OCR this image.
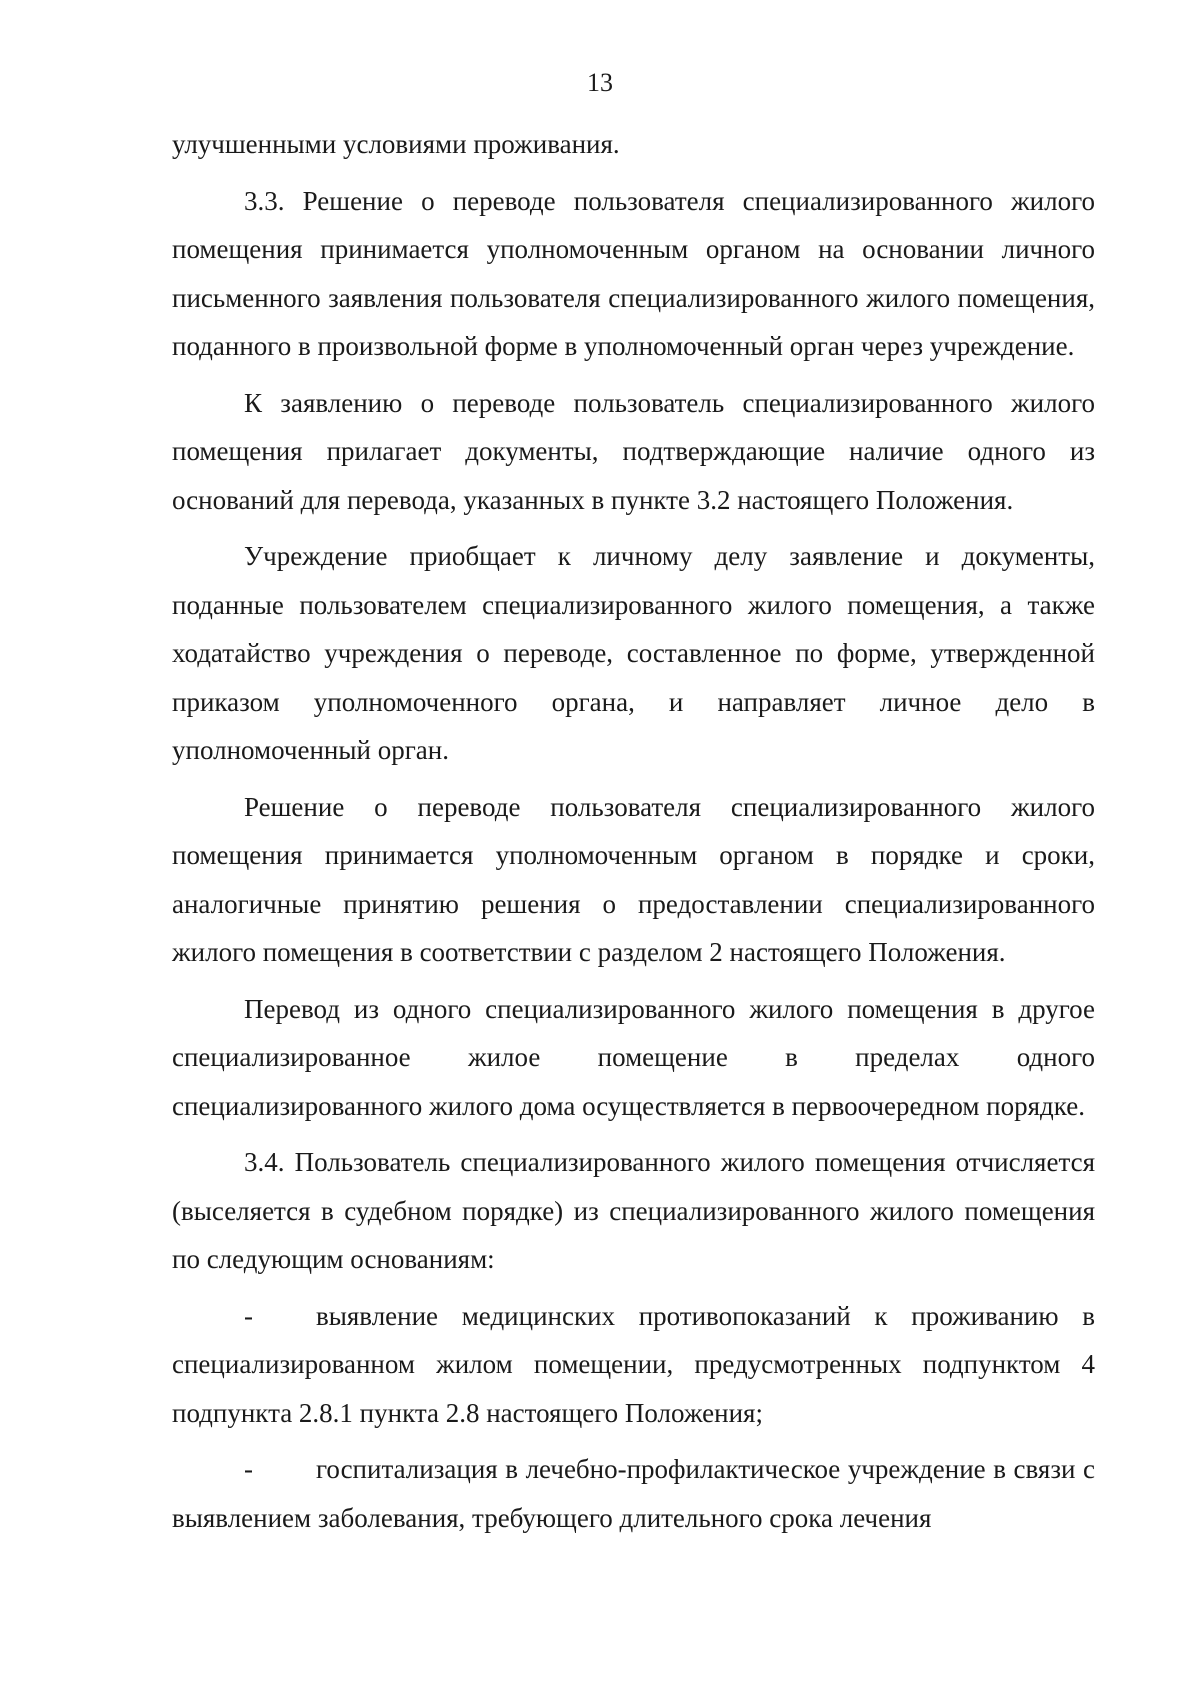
13

улучшенными условиями проживания.

3.3. Решение о переводе пользователя специализированного жилого помещения принимается уполномоченным органом на основании личного письменного заявления пользователя специализированного жилого помещения, поданного в произвольной форме в уполномоченный орган через учреждение.

К заявлению о переводе пользователь специализированного жилого помещения прилагает документы, подтверждающие наличие одного из оснований для перевода, указанных в пункте 3.2 настоящего Положения.

Учреждение приобщает к личному делу заявление и документы, поданные пользователем специализированного жилого помещения, а также ходатайство учреждения о переводе, составленное по форме, утвержденной приказом уполномоченного органа, и направляет личное дело в уполномоченный орган.

Решение о переводе пользователя специализированного жилого помещения принимается уполномоченным органом в порядке и сроки, аналогичные принятию решения о предоставлении специализированного жилого помещения в соответствии с разделом 2 настоящего Положения.

Перевод из одного специализированного жилого помещения в другое специализированное жилое помещение в пределах одного специализированного жилого дома осуществляется в первоочередном порядке.

3.4. Пользователь специализированного жилого помещения отчисляется (выселяется в судебном порядке) из специализированного жилого помещения по следующим основаниям:

- выявление медицинских противопоказаний к проживанию в специализированном жилом помещении, предусмотренных подпунктом 4 подпункта 2.8.1 пункта 2.8 настоящего Положения;

- госпитализация в лечебно-профилактическое учреждение в связи с выявлением заболевания, требующего длительного срока лечения
